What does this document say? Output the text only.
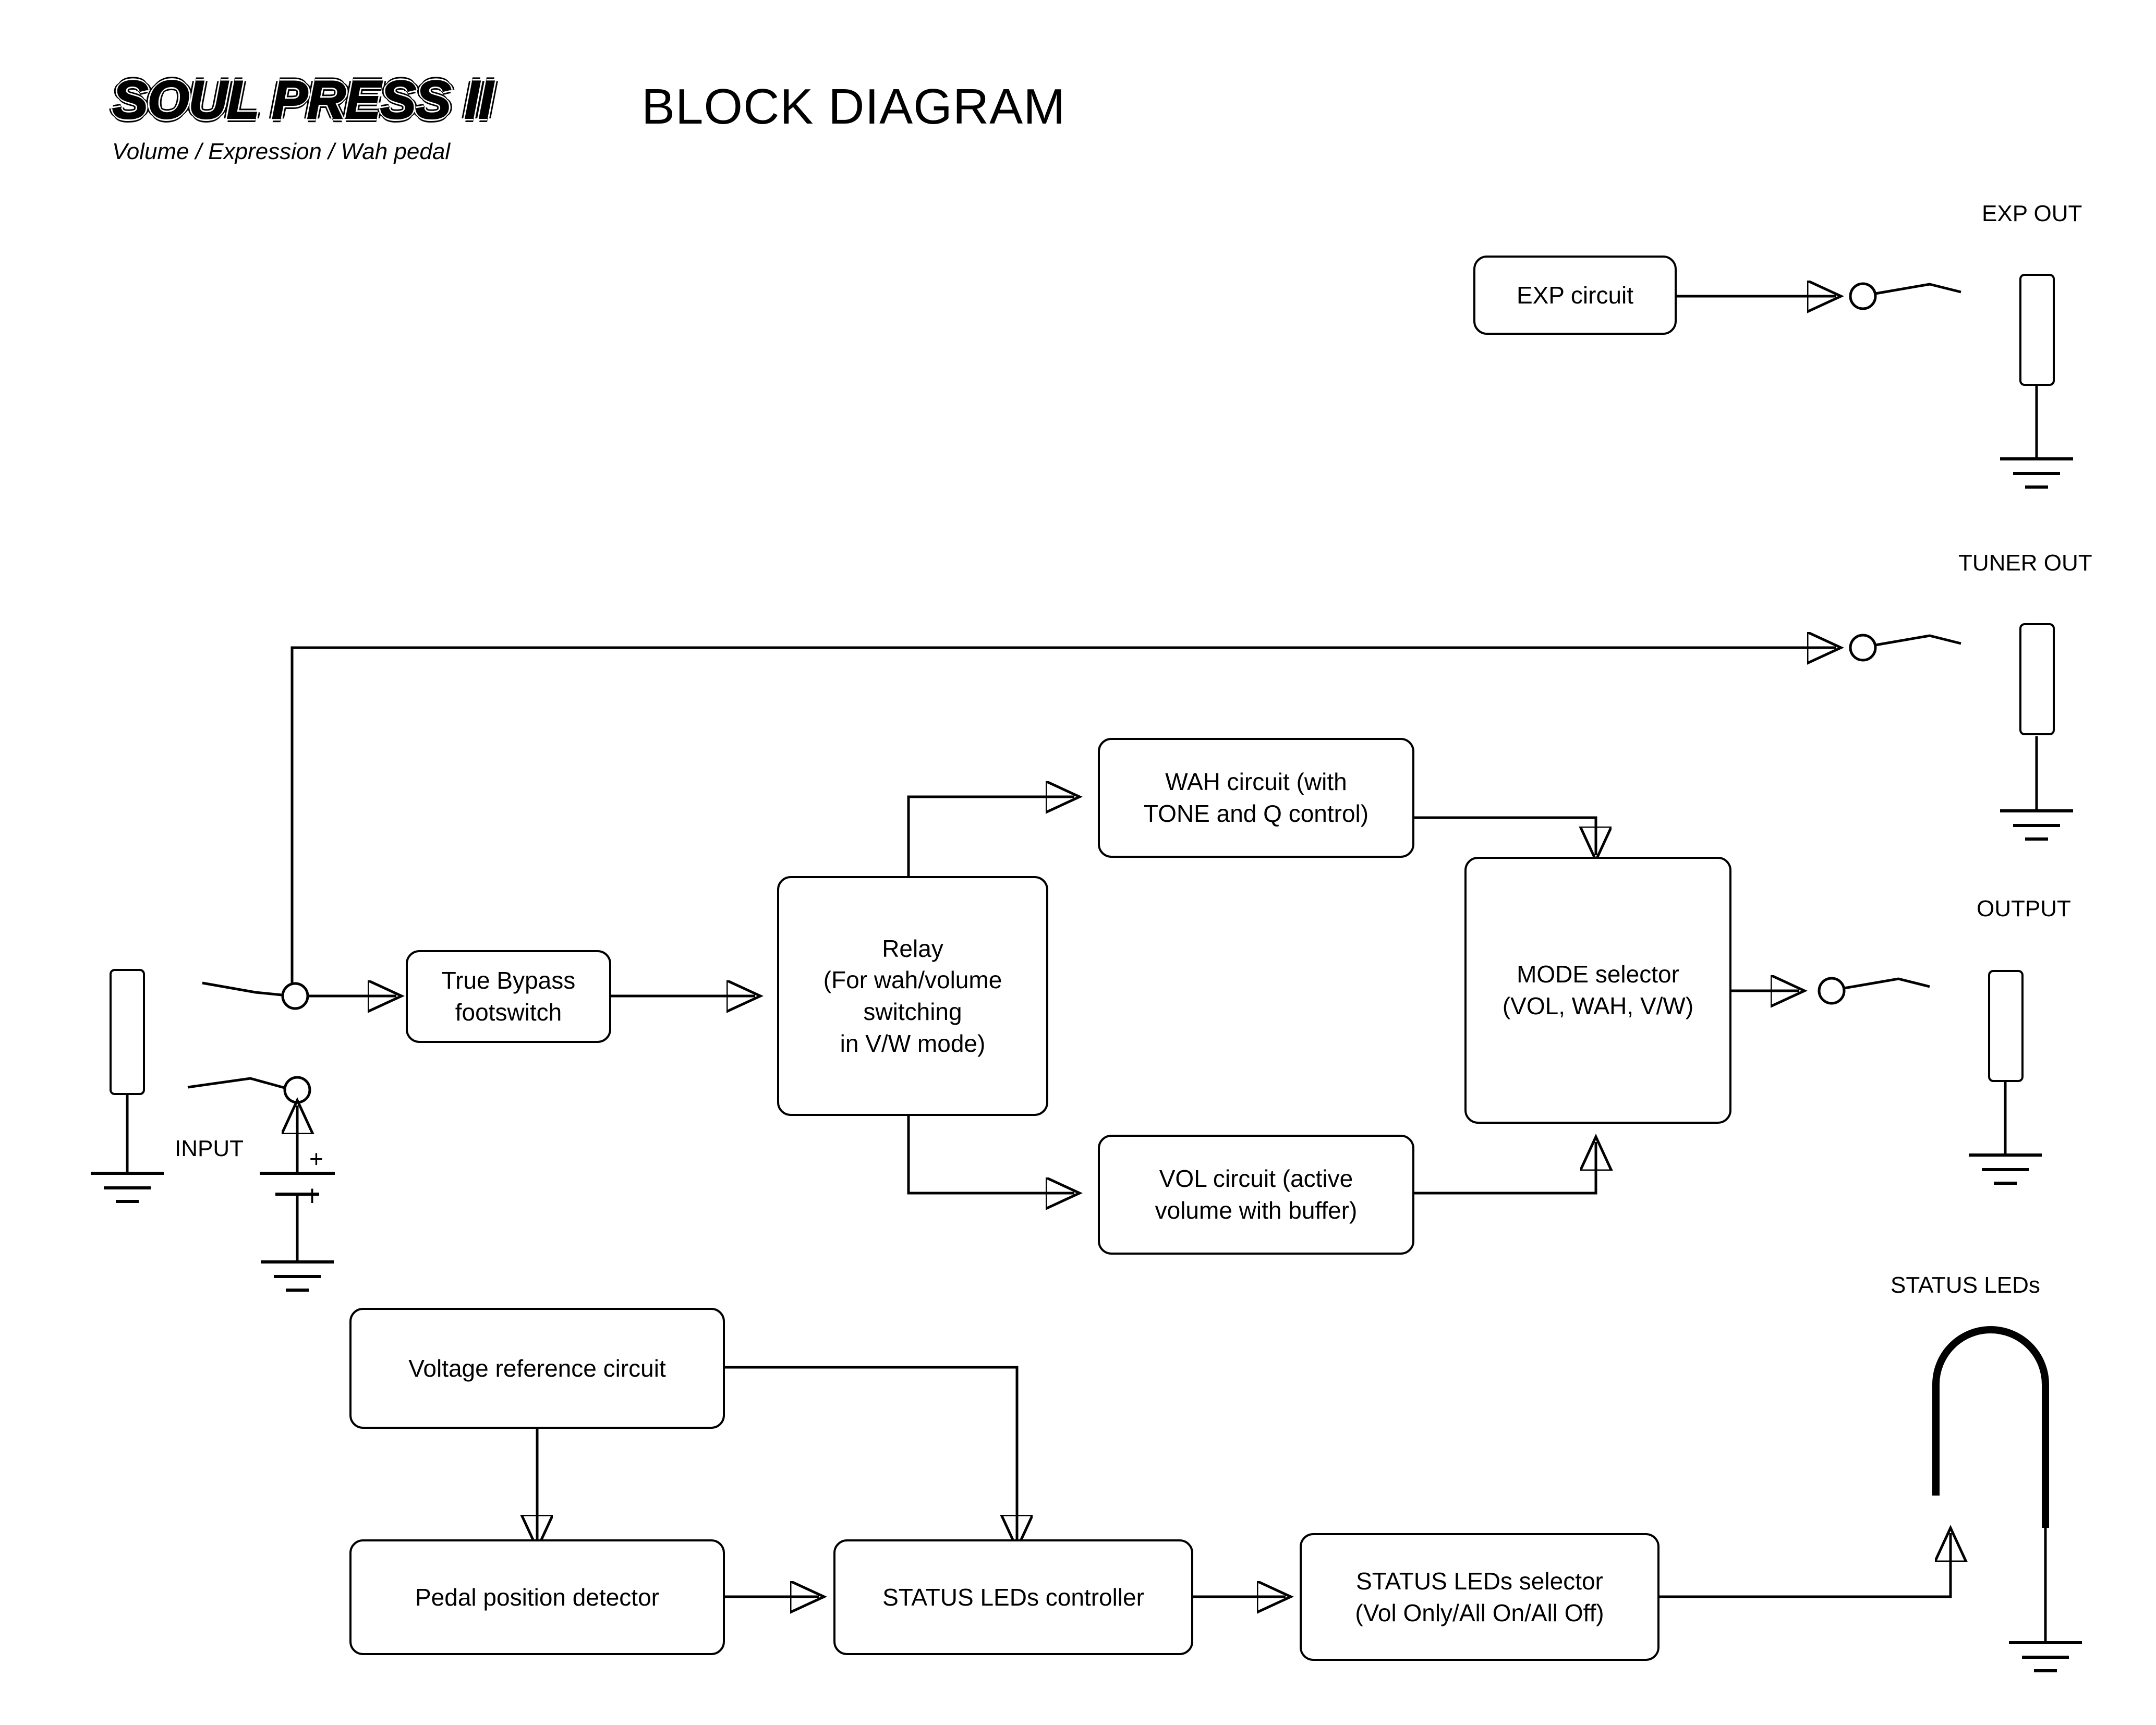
SOUL PRESS II
Volume / Expression / Wah pedal
BLOCK DIAGRAM
EXP OUT
TUNER OUT
OUTPUT
INPUT	+
I
STATUS LEDs
EXP circuit
True Bypass
footswitch
Relay
(For wah/volume
switching
in V/W mode)
WAH circuit (with
TONE and Q control)
VOL circuit (active
volume with buffer)
MODE selector
(VOL, WAH, V/W)
Voltage reference circuit
Pedal position detector	STATUS LEDs controller
STATUS LEDs selector
(Vol Only/All On/All Off)
